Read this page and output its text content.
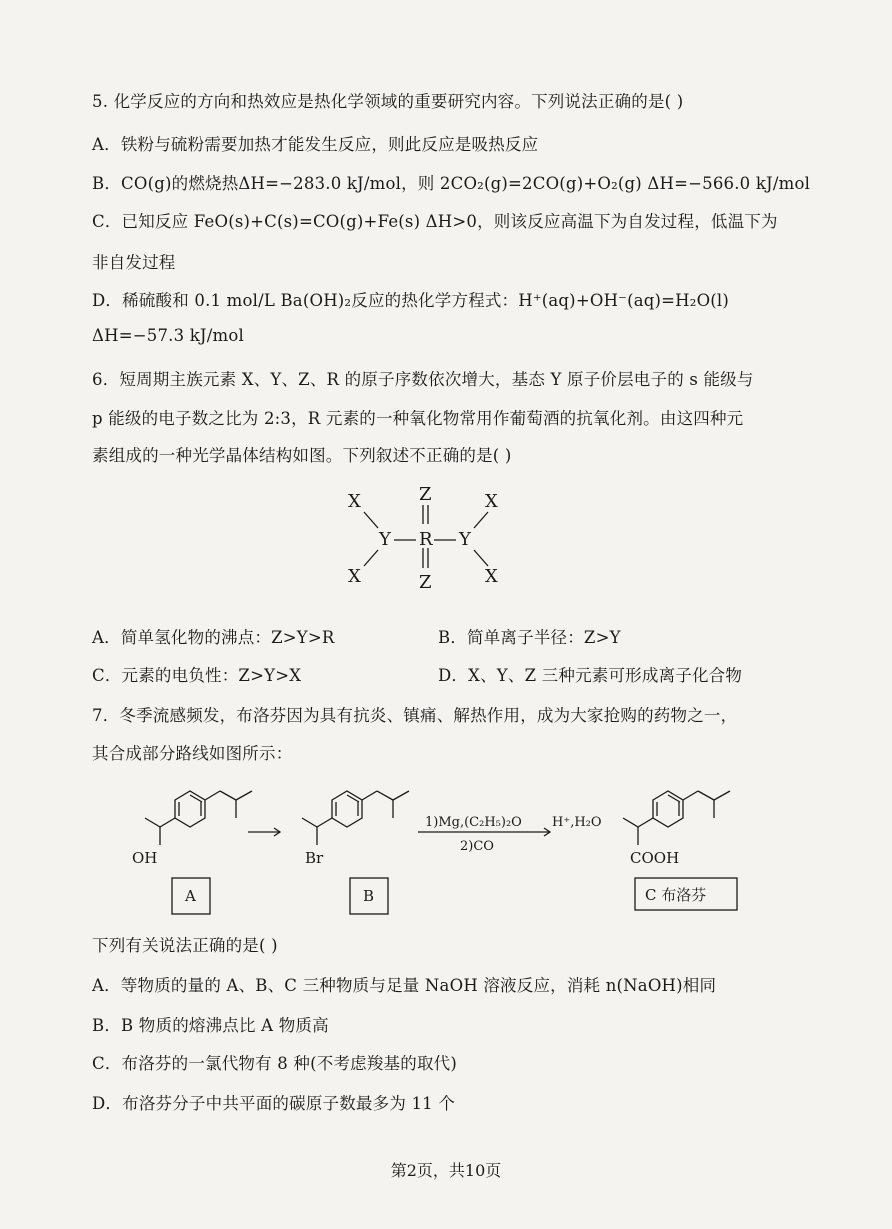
5. 化学反应的方向和热效应是热化学领域的重要研究内容。下列说法正确的是( )
A．铁粉与硫粉需要加热才能发生反应，则此反应是吸热反应
B．CO(g)的燃烧热ΔH=−283.0 kJ/mol，则 2CO₂(g)=2CO(g)+O₂(g) ΔH=−566.0 kJ/mol
C．已知反应 FeO(s)+C(s)=CO(g)+Fe(s) ΔH>0，则该反应高温下为自发过程，低温下为
非自发过程
D．稀硫酸和 0.1 mol/L Ba(OH)₂反应的热化学方程式：H⁺(aq)+OH⁻(aq)=H₂O(l)
ΔH=−57.3 kJ/mol
6．短周期主族元素 X、Y、Z、R 的原子序数依次增大，基态 Y 原子价层电子的 s 能级与
p 能级的电子数之比为 2:3，R 元素的一种氧化物常用作葡萄酒的抗氧化剂。由这四种元
素组成的一种光学晶体结构如图。下列叙述不正确的是( )
X
X
Y R Y
X
X
Z
Z
A．简单氢化物的沸点：Z>Y>R	B．简单离子半径：Z>Y
C．元素的电负性：Z>Y>X	D．X、Y、Z 三种元素可形成离子化合物
7．冬季流感频发，布洛芬因为具有抗炎、镇痛、解热作用，成为大家抢购的药物之一，
其合成部分路线如图所示：
OH	Br	COOH
1)Mg,(C₂H₅)₂O
2)CO
H⁺,H₂O
A	B	C 布洛芬
下列有关说法正确的是( )
A．等物质的量的 A、B、C 三种物质与足量 NaOH 溶液反应，消耗 n(NaOH)相同
B．B 物质的熔沸点比 A 物质高
C．布洛芬的一氯代物有 8 种(不考虑羧基的取代)
D．布洛芬分子中共平面的碳原子数最多为 11 个
第2页，共10页
